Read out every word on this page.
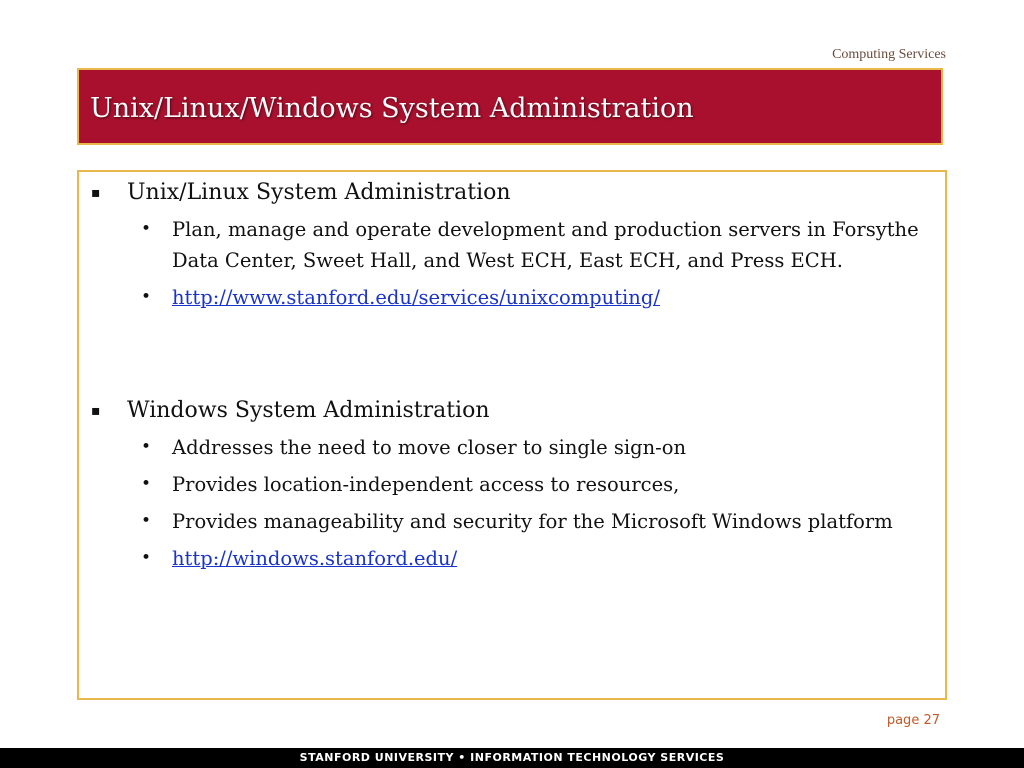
Computing Services
Unix/Linux/Windows System Administration
▪ Unix/Linux System Administration
• Plan, manage and operate development and production servers in Forsythe Data Center, Sweet Hall, and West ECH, East ECH, and Press ECH.
• http://www.stanford.edu/services/unixcomputing/
▪ Windows System Administration
• Addresses the need to move closer to single sign-on
• Provides location-independent access to resources,
• Provides manageability and security for the Microsoft Windows platform
• http://windows.stanford.edu/
page 27
STANFORD UNIVERSITY • INFORMATION TECHNOLOGY SERVICES
